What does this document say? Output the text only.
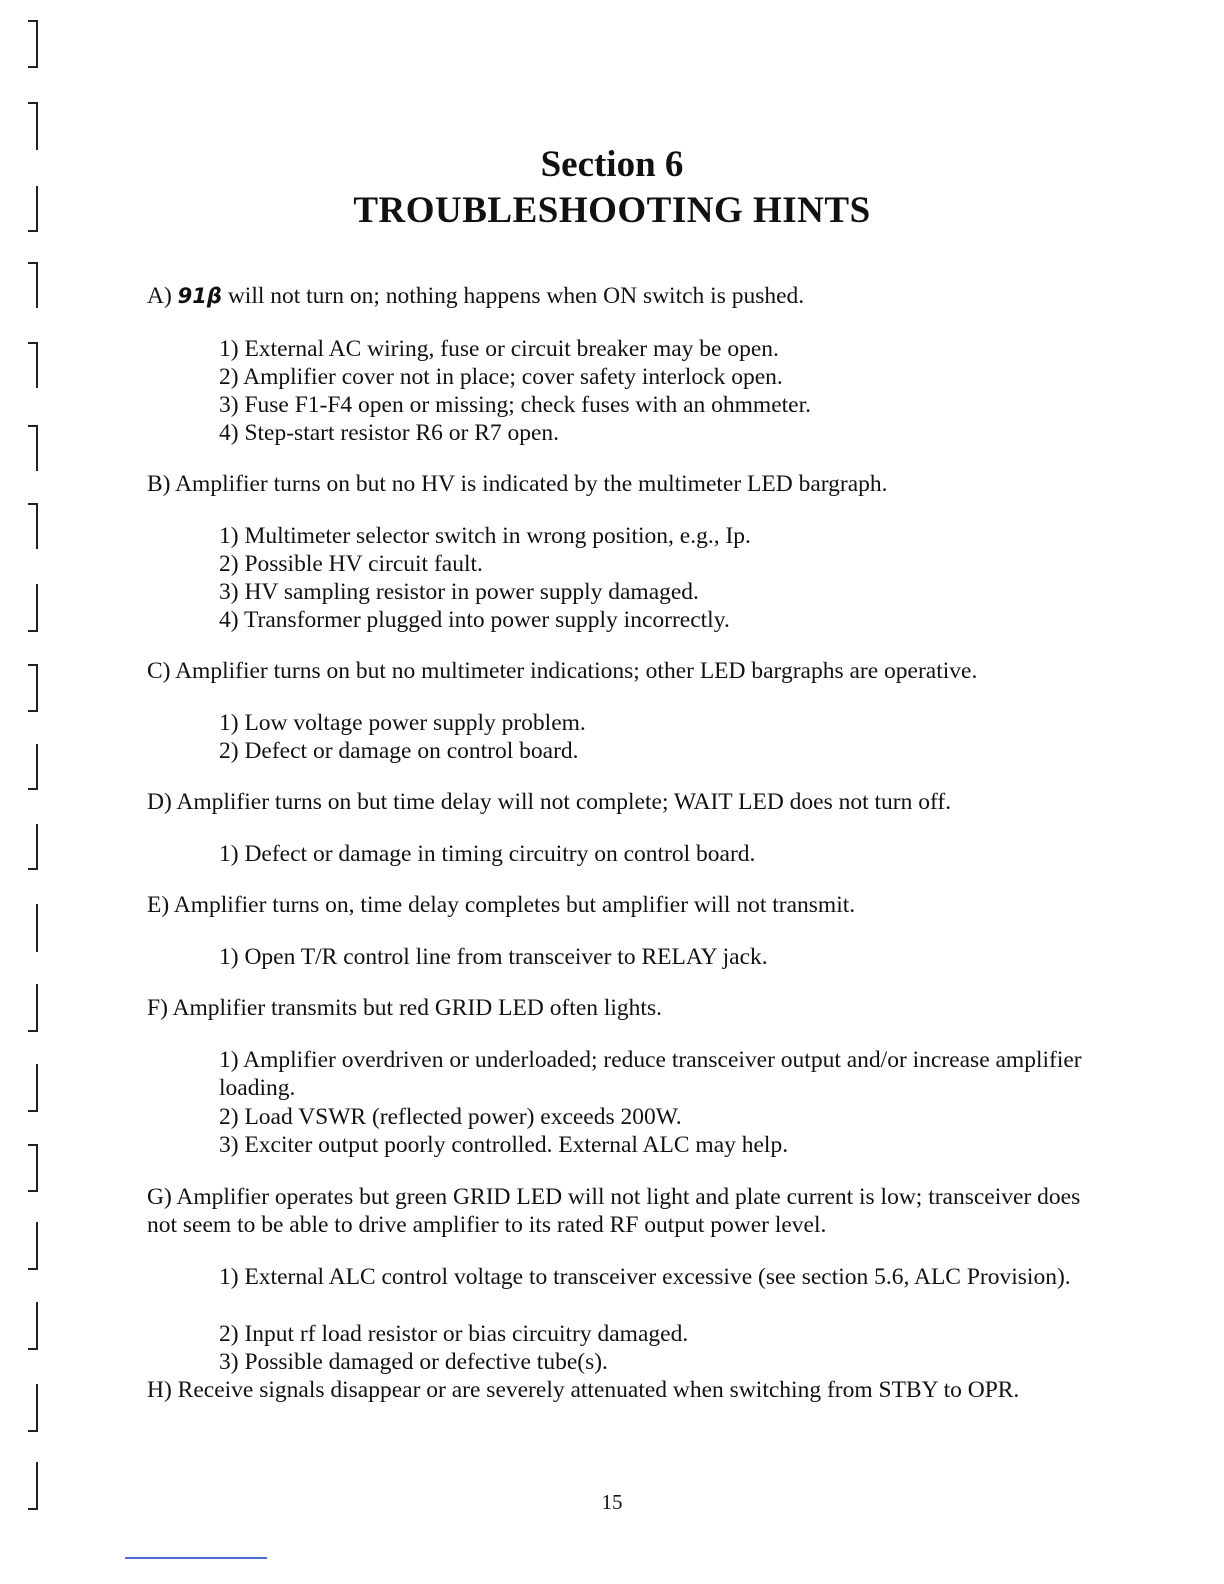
Section 6
TROUBLESHOOTING HINTS

A) 91β will not turn on; nothing happens when ON switch is pushed.

1) External AC wiring, fuse or circuit breaker may be open.

2) Amplifier cover not in place; cover safety interlock open.

3) Fuse F1-F4 open or missing; check fuses with an ohmmeter.

4) Step-start resistor R6 or R7 open.

B) Amplifier turns on but no HV is indicated by the multimeter LED bargraph.

1) Multimeter selector switch in wrong position, e.g., Ip.

2) Possible HV circuit fault.

3) HV sampling resistor in power supply damaged.

4) Transformer plugged into power supply incorrectly.

C) Amplifier turns on but no multimeter indications; other LED bargraphs are operative.

1) Low voltage power supply problem.

2) Defect or damage on control board.

D) Amplifier turns on but time delay will not complete; WAIT LED does not turn off.

1) Defect or damage in timing circuitry on control board.

E) Amplifier turns on, time delay completes but amplifier will not transmit.

1) Open T/R control line from transceiver to RELAY jack.

F) Amplifier transmits but red GRID LED often lights.

1) Amplifier overdriven or underloaded; reduce transceiver output and/or increase amplifier loading.

2) Load VSWR (reflected power) exceeds 200W.

3) Exciter output poorly controlled. External ALC may help.

G) Amplifier operates but green GRID LED will not light and plate current is low; transceiver does not seem to be able to drive amplifier to its rated RF output power level.

1) External ALC control voltage to transceiver excessive (see section 5.6, ALC Provision).

2) Input rf load resistor or bias circuitry damaged.

3) Possible damaged or defective tube(s).

H) Receive signals disappear or are severely attenuated when switching from STBY to OPR.

15
